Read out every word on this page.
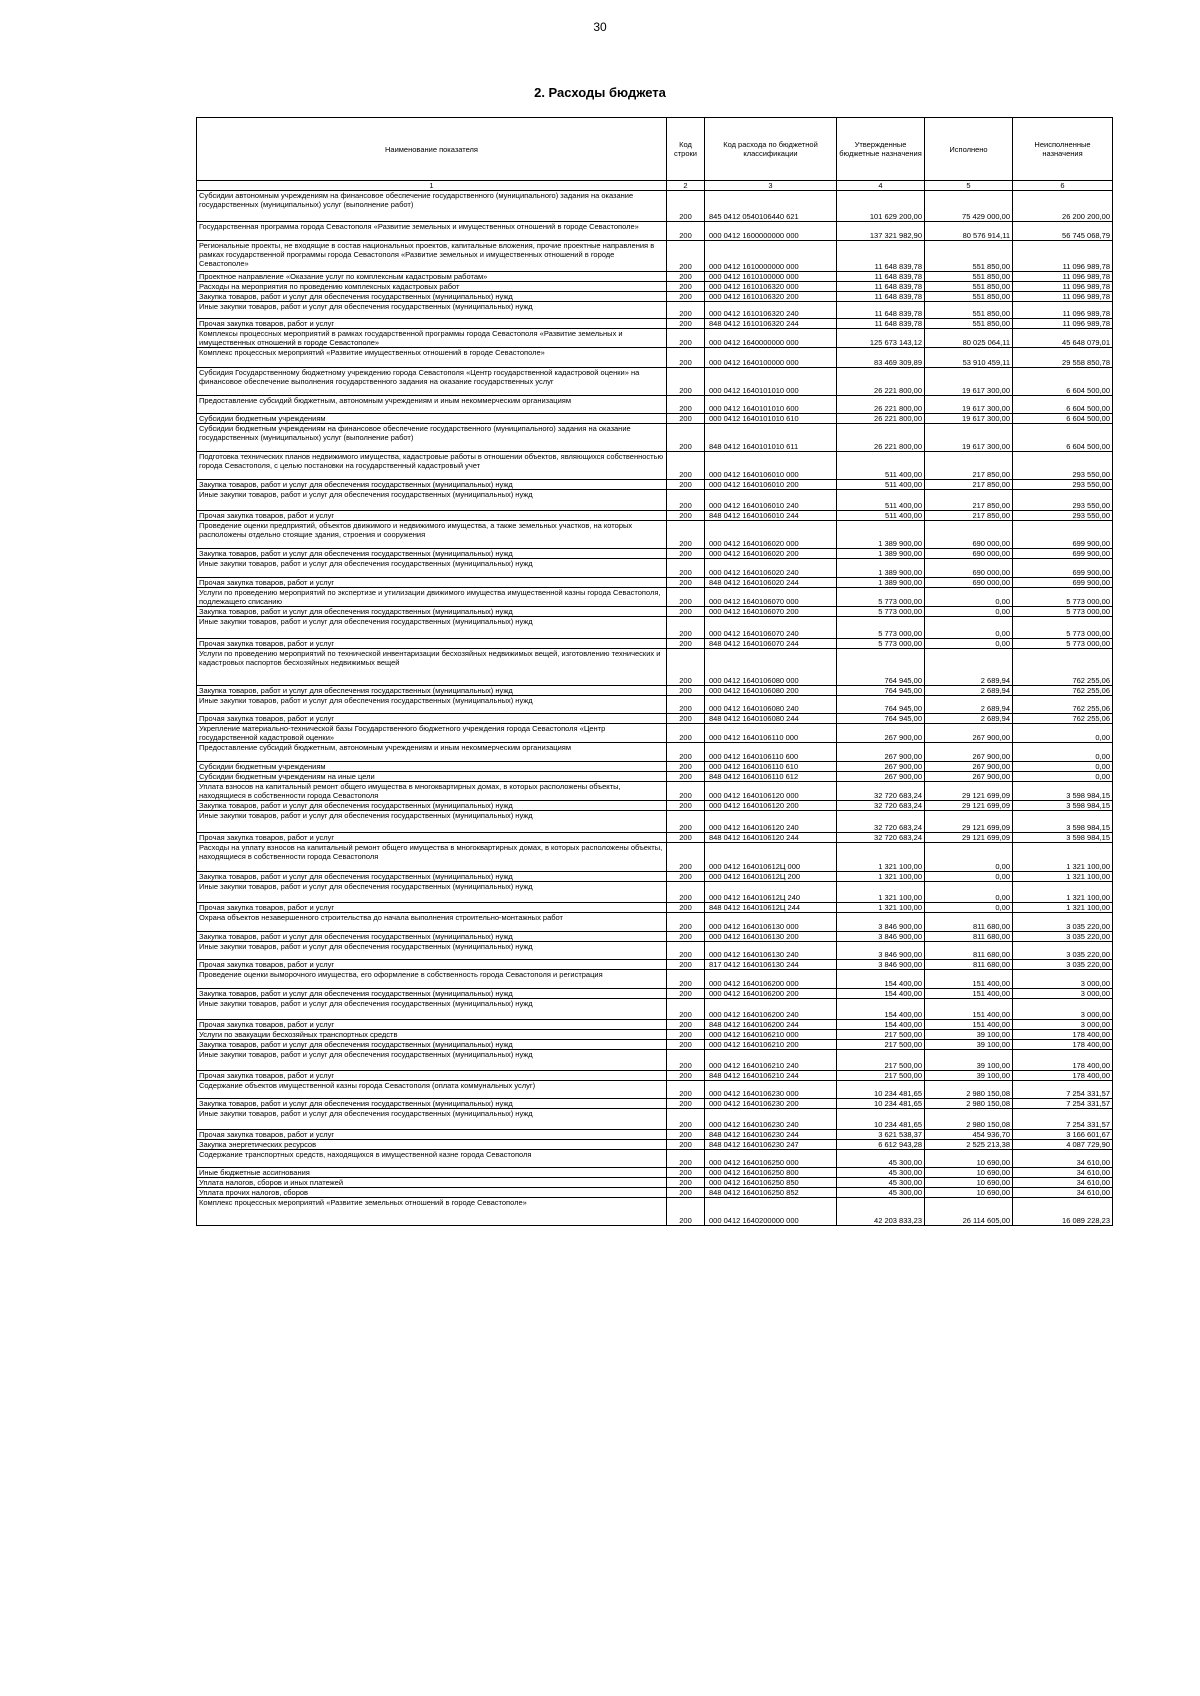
30
2. Расходы бюджета
Наименование показателя	Код строки	Код расхода по бюджетной классификации	Утвержденные бюджетные назначения	Исполнено	Неисполненные назначения
1	2	3	4	5	6
Субсидии автономным учреждениям на финансовое обеспечение государственного (муниципального) задания на оказание государственных (муниципальных) услуг (выполнение работ)	200	845 0412 0540106440 621	101 629 200,00	75 429 000,00	26 200 200,00
Государственная программа города Севастополя «Развитие земельных и имущественных отношений в городе Севастополе»	200	000 0412 1600000000 000	137 321 982,90	80 576 914,11	56 745 068,79
Региональные проекты, не входящие в состав национальных проектов, капитальные вложения, прочие проектные направления в рамках государственной программы города Севастополя «Развитие земельных и имущественных отношений в городе Севастополе»	200	000 0412 1610000000 000	11 648 839,78	551 850,00	11 096 989,78
Проектное направление «Оказание услуг по комплексным кадастровым работам»	200	000 0412 1610100000 000	11 648 839,78	551 850,00	11 096 989,78
Расходы на мероприятия по проведению комплексных кадастровых работ	200	000 0412 1610106320 000	11 648 839,78	551 850,00	11 096 989,78
Закупка товаров, работ и услуг для обеспечения государственных (муниципальных) нужд	200	000 0412 1610106320 200	11 648 839,78	551 850,00	11 096 989,78
Иные закупки товаров, работ и услуг для обеспечения государственных (муниципальных) нужд	200	000 0412 1610106320 240	11 648 839,78	551 850,00	11 096 989,78
Прочая закупка товаров, работ и услуг	200	848 0412 1610106320 244	11 648 839,78	551 850,00	11 096 989,78
Комплексы процессных мероприятий в рамках государственной программы города Севастополя «Развитие земельных и имущественных отношений в городе Севастополе»	200	000 0412 1640000000 000	125 673 143,12	80 025 064,11	45 648 079,01
Комплекс процессных мероприятий «Развитие имущественных отношений в городе Севастополе»	200	000 0412 1640100000 000	83 469 309,89	53 910 459,11	29 558 850,78
Субсидия Государственному бюджетному учреждению города Севастополя «Центр государственной кадастровой оценки» на финансовое обеспечение выполнения государственного задания на оказание государственных услуг	200	000 0412 1640101010 000	26 221 800,00	19 617 300,00	6 604 500,00
Предоставление субсидий бюджетным, автономным учреждениям и иным некоммерческим организациям	200	000 0412 1640101010 600	26 221 800,00	19 617 300,00	6 604 500,00
Субсидии бюджетным учреждениям	200	000 0412 1640101010 610	26 221 800,00	19 617 300,00	6 604 500,00
Субсидии бюджетным учреждениям на финансовое обеспечение государственного (муниципального) задания на оказание государственных (муниципальных) услуг (выполнение работ)	200	848 0412 1640101010 611	26 221 800,00	19 617 300,00	6 604 500,00
Подготовка технических планов недвижимого имущества, кадастровые работы в отношении объектов, являющихся собственностью города Севастополя, с целью постановки на государственный кадастровый учет	200	000 0412 1640106010 000	511 400,00	217 850,00	293 550,00
Закупка товаров, работ и услуг для обеспечения государственных (муниципальных) нужд	200	000 0412 1640106010 200	511 400,00	217 850,00	293 550,00
Иные закупки товаров, работ и услуг для обеспечения государственных (муниципальных) нужд	200	000 0412 1640106010 240	511 400,00	217 850,00	293 550,00
Прочая закупка товаров, работ и услуг	200	848 0412 1640106010 244	511 400,00	217 850,00	293 550,00
Проведение оценки предприятий, объектов движимого и недвижимого имущества, а также земельных участков, на которых расположены отдельно стоящие здания, строения и сооружения	200	000 0412 1640106020 000	1 389 900,00	690 000,00	699 900,00
Закупка товаров, работ и услуг для обеспечения государственных (муниципальных) нужд	200	000 0412 1640106020 200	1 389 900,00	690 000,00	699 900,00
Иные закупки товаров, работ и услуг для обеспечения государственных (муниципальных) нужд	200	000 0412 1640106020 240	1 389 900,00	690 000,00	699 900,00
Прочая закупка товаров, работ и услуг	200	848 0412 1640106020 244	1 389 900,00	690 000,00	699 900,00
Услуги по проведению мероприятий по экспертизе и утилизации движимого имущества имущественной казны города Севастополя, подлежащего списанию	200	000 0412 1640106070 000	5 773 000,00	0,00	5 773 000,00
Закупка товаров, работ и услуг для обеспечения государственных (муниципальных) нужд	200	000 0412 1640106070 200	5 773 000,00	0,00	5 773 000,00
Иные закупки товаров, работ и услуг для обеспечения государственных (муниципальных) нужд	200	000 0412 1640106070 240	5 773 000,00	0,00	5 773 000,00
Прочая закупка товаров, работ и услуг	200	848 0412 1640106070 244	5 773 000,00	0,00	5 773 000,00
Услуги по проведению мероприятий по технической инвентаризации бесхозяйных недвижимых вещей, изготовлению технических и кадастровых паспортов бесхозяйных недвижимых вещей	200	000 0412 1640106080 000	764 945,00	2 689,94	762 255,06
Закупка товаров, работ и услуг для обеспечения государственных (муниципальных) нужд	200	000 0412 1640106080 200	764 945,00	2 689,94	762 255,06
Иные закупки товаров, работ и услуг для обеспечения государственных (муниципальных) нужд	200	000 0412 1640106080 240	764 945,00	2 689,94	762 255,06
Прочая закупка товаров, работ и услуг	200	848 0412 1640106080 244	764 945,00	2 689,94	762 255,06
Укрепление материально-технической базы Государственного бюджетного учреждения города Севастополя «Центр государственной кадастровой оценки»	200	000 0412 1640106110 000	267 900,00	267 900,00	0,00
Предоставление субсидий бюджетным, автономным учреждениям и иным некоммерческим организациям	200	000 0412 1640106110 600	267 900,00	267 900,00	0,00
Субсидии бюджетным учреждениям	200	000 0412 1640106110 610	267 900,00	267 900,00	0,00
Субсидии бюджетным учреждениям на иные цели	200	848 0412 1640106110 612	267 900,00	267 900,00	0,00
Уплата взносов на капитальный ремонт общего имущества в многоквартирных домах, в которых расположены объекты, находящиеся в собственности города Севастополя	200	000 0412 1640106120 000	32 720 683,24	29 121 699,09	3 598 984,15
Закупка товаров, работ и услуг для обеспечения государственных (муниципальных) нужд	200	000 0412 1640106120 200	32 720 683,24	29 121 699,09	3 598 984,15
Иные закупки товаров, работ и услуг для обеспечения государственных (муниципальных) нужд	200	000 0412 1640106120 240	32 720 683,24	29 121 699,09	3 598 984,15
Прочая закупка товаров, работ и услуг	200	848 0412 1640106120 244	32 720 683,24	29 121 699,09	3 598 984,15
Расходы на уплату взносов на капитальный ремонт общего имущества в многоквартирных домах, в которых расположены объекты, находящиеся в собственности города Севастополя	200	000 0412 164010612Ц 000	1 321 100,00	0,00	1 321 100,00
Закупка товаров, работ и услуг для обеспечения государственных (муниципальных) нужд	200	000 0412 164010612Ц 200	1 321 100,00	0,00	1 321 100,00
Иные закупки товаров, работ и услуг для обеспечения государственных (муниципальных) нужд	200	000 0412 164010612Ц 240	1 321 100,00	0,00	1 321 100,00
Прочая закупка товаров, работ и услуг	200	848 0412 164010612Ц 244	1 321 100,00	0,00	1 321 100,00
Охрана объектов незавершенного строительства до начала выполнения строительно-монтажных работ	200	000 0412 1640106130 000	3 846 900,00	811 680,00	3 035 220,00
Закупка товаров, работ и услуг для обеспечения государственных (муниципальных) нужд	200	000 0412 1640106130 200	3 846 900,00	811 680,00	3 035 220,00
Иные закупки товаров, работ и услуг для обеспечения государственных (муниципальных) нужд	200	000 0412 1640106130 240	3 846 900,00	811 680,00	3 035 220,00
Прочая закупка товаров, работ и услуг	200	817 0412 1640106130 244	3 846 900,00	811 680,00	3 035 220,00
Проведение оценки выморочного имущества, его оформление в собственность города Севастополя и регистрация	200	000 0412 1640106200 000	154 400,00	151 400,00	3 000,00
Закупка товаров, работ и услуг для обеспечения государственных (муниципальных) нужд	200	000 0412 1640106200 200	154 400,00	151 400,00	3 000,00
Иные закупки товаров, работ и услуг для обеспечения государственных (муниципальных) нужд	200	000 0412 1640106200 240	154 400,00	151 400,00	3 000,00
Прочая закупка товаров, работ и услуг	200	848 0412 1640106200 244	154 400,00	151 400,00	3 000,00
Услуги по эвакуации бесхозяйных транспортных средств	200	000 0412 1640106210 000	217 500,00	39 100,00	178 400,00
Закупка товаров, работ и услуг для обеспечения государственных (муниципальных) нужд	200	000 0412 1640106210 200	217 500,00	39 100,00	178 400,00
Иные закупки товаров, работ и услуг для обеспечения государственных (муниципальных) нужд	200	000 0412 1640106210 240	217 500,00	39 100,00	178 400,00
Прочая закупка товаров, работ и услуг	200	848 0412 1640106210 244	217 500,00	39 100,00	178 400,00
Содержание объектов имущественной казны города Севастополя (оплата коммунальных услуг)	200	000 0412 1640106230 000	10 234 481,65	2 980 150,08	7 254 331,57
Закупка товаров, работ и услуг для обеспечения государственных (муниципальных) нужд	200	000 0412 1640106230 200	10 234 481,65	2 980 150,08	7 254 331,57
Иные закупки товаров, работ и услуг для обеспечения государственных (муниципальных) нужд	200	000 0412 1640106230 240	10 234 481,65	2 980 150,08	7 254 331,57
Прочая закупка товаров, работ и услуг	200	848 0412 1640106230 244	3 621 538,37	454 936,70	3 166 601,67
Закупка энергетических ресурсов	200	848 0412 1640106230 247	6 612 943,28	2 525 213,38	4 087 729,90
Содержание транспортных средств, находящихся в имущественной казне города Севастополя	200	000 0412 1640106250 000	45 300,00	10 690,00	34 610,00
Иные бюджетные ассигнования	200	000 0412 1640106250 800	45 300,00	10 690,00	34 610,00
Уплата налогов, сборов и иных платежей	200	000 0412 1640106250 850	45 300,00	10 690,00	34 610,00
Уплата прочих налогов, сборов	200	848 0412 1640106250 852	45 300,00	10 690,00	34 610,00
Комплекс процессных мероприятий «Развитие земельных отношений в городе Севастополе»	200	000 0412 1640200000 000	42 203 833,23	26 114 605,00	16 089 228,23
